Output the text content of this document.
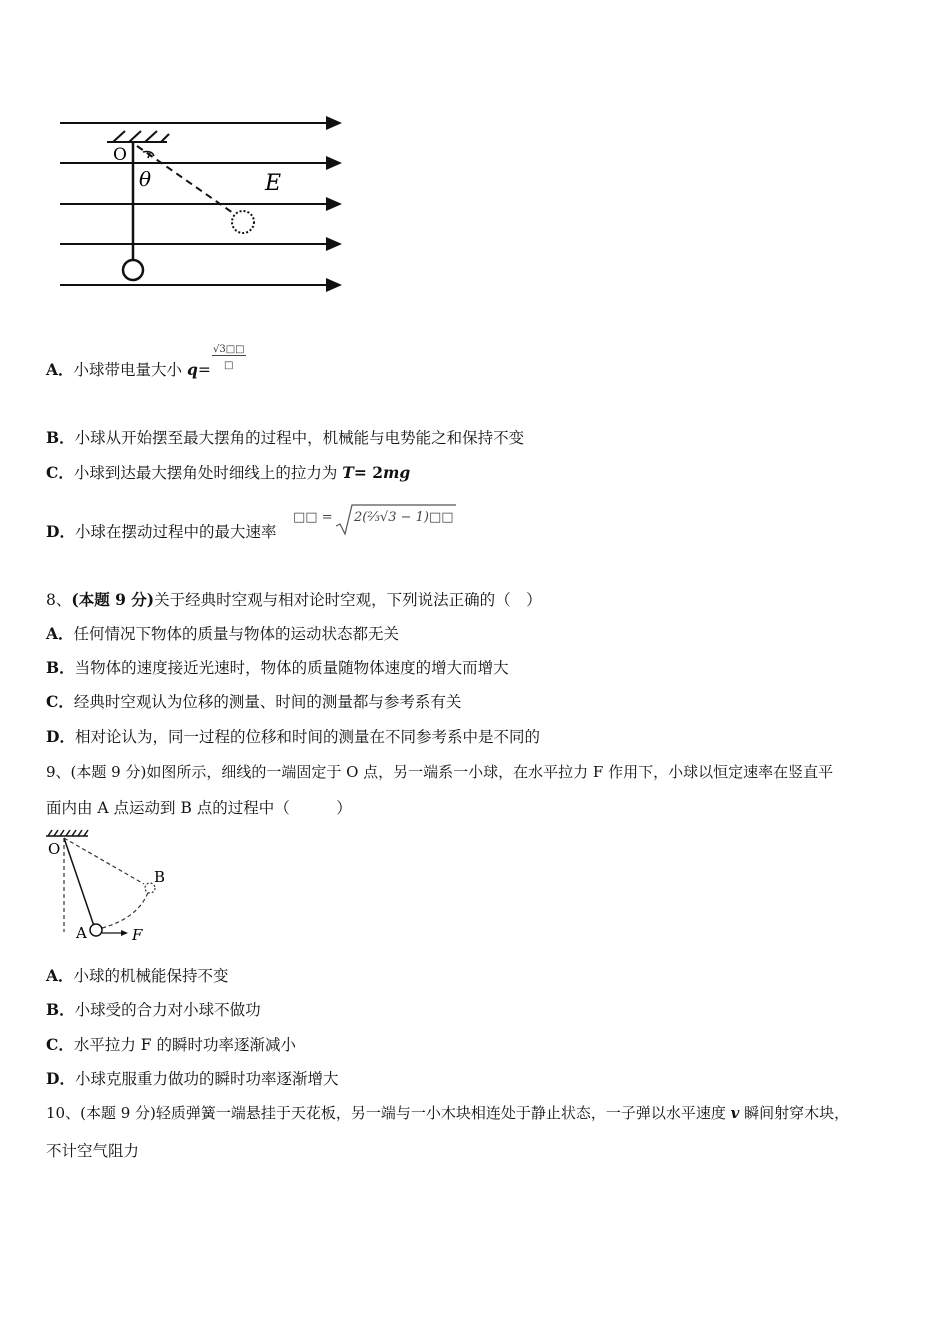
O
θ	E
A．小球带电量大小 q=
√3□□
□
B．小球从开始摆至最大摆角的过程中，机械能与电势能之和保持不变
C．小球到达最大摆角处时细线上的拉力为 T= 2mg
D．小球在摆动过程中的最大速率
□□ = 2(²⁄₃√3 − 1)□□
8、(本题 9 分)关于经典时空观与相对论时空观，下列说法正确的（　）
A．任何情况下物体的质量与物体的运动状态都无关
B．当物体的速度接近光速时，物体的质量随物体速度的增大而增大
C．经典时空观认为位移的测量、时间的测量都与参考系有关
D．相对论认为，同一过程的位移和时间的测量在不同参考系中是不同的
9、(本题 9 分)如图所示，细线的一端固定于 O 点，另一端系一小球，在水平拉力 F 作用下，小球以恒定速率在竖直平
面内由 A 点运动到 B 点的过程中（　　　）
O
B
A	F
A．小球的机械能保持不变
B．小球受的合力对小球不做功
C．水平拉力 F 的瞬时功率逐渐减小
D．小球克服重力做功的瞬时功率逐渐增大
10、(本题 9 分)轻质弹簧一端悬挂于天花板，另一端与一小木块相连处于静止状态，一子弹以水平速度 v 瞬间射穿木块，
不计空气阻力
